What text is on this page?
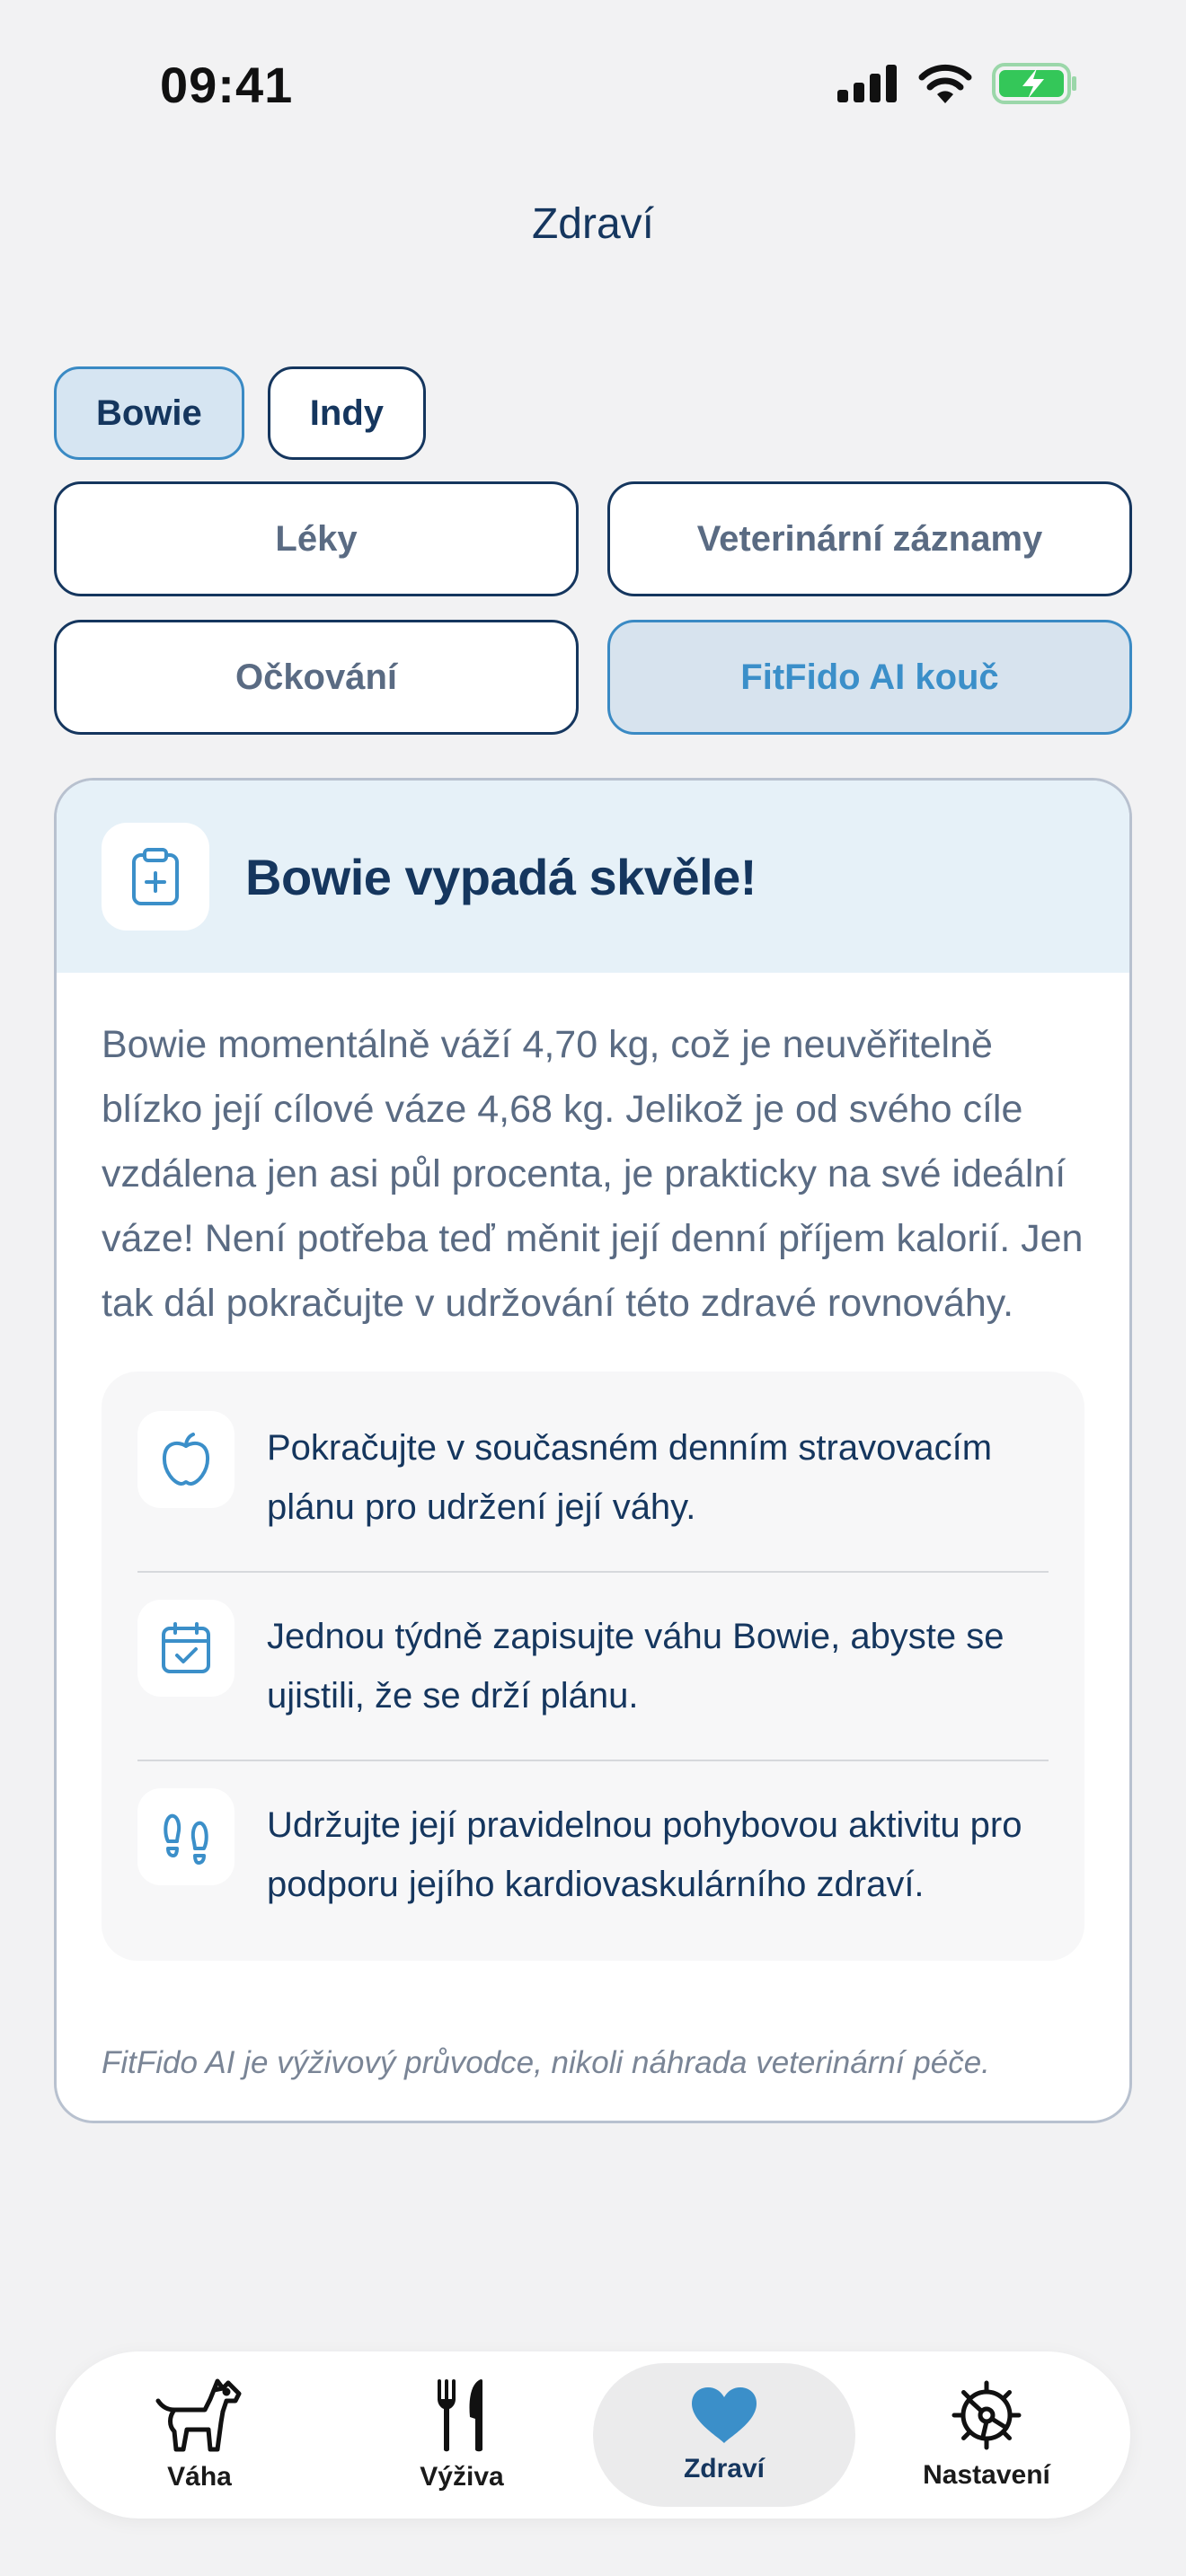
09:41
Zdraví
Bowie	Indy
Léky	Veterinární záznamy
Očkování	FitFido AI kouč
Bowie vypadá skvěle!
Bowie momentálně váží 4,70 kg, což je neuvěřitelně blízko její cílové váze 4,68 kg. Jelikož je od svého cíle vzdálena jen asi půl procenta, je prakticky na své ideální váze! Není potřeba teď měnit její denní příjem kalorií. Jen tak dál pokračujte v udržování této zdravé rovnováhy.
Pokračujte v současném denním stravovacím plánu pro udržení její váhy.
Jednou týdně zapisujte váhu Bowie, abyste se ujistili, že se drží plánu.
Udržujte její pravidelnou pohybovou aktivitu pro podporu jejího kardiovaskulárního zdraví.
FitFido AI je výživový průvodce, nikoli náhrada veterinární péče.
Váha	Výživa	Zdraví	Nastavení
